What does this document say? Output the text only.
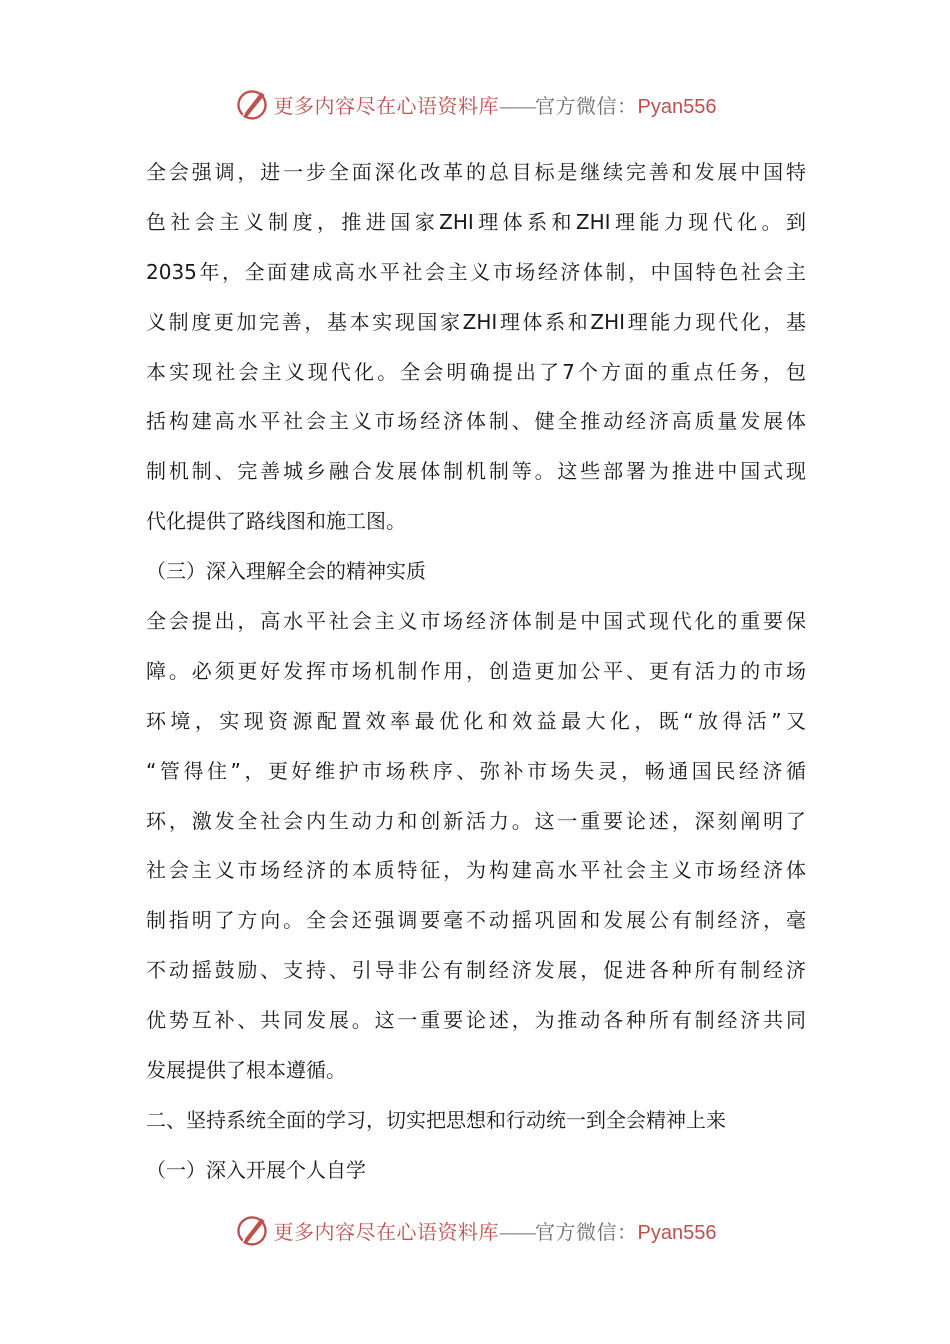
更多内容尽在心语资料库——官方微信：Pyan556
全会强调，进一步全面深化改革的总目标是继续完善和发展中国特
色社会主义制度，推进国家ZHI理体系和ZHI理能力现代化。到
2035年，全面建成高水平社会主义市场经济体制，中国特色社会主
义制度更加完善，基本实现国家ZHI理体系和ZHI理能力现代化，基
本实现社会主义现代化。全会明确提出了7个方面的重点任务，包
括构建高水平社会主义市场经济体制、健全推动经济高质量发展体
制机制、完善城乡融合发展体制机制等。这些部署为推进中国式现
代化提供了路线图和施工图。
（三）深入理解全会的精神实质
全会提出，高水平社会主义市场经济体制是中国式现代化的重要保
障。必须更好发挥市场机制作用，创造更加公平、更有活力的市场
环境，实现资源配置效率最优化和效益最大化，既“放得活”又
“管得住”，更好维护市场秩序、弥补市场失灵，畅通国民经济循
环，激发全社会内生动力和创新活力。这一重要论述，深刻阐明了
社会主义市场经济的本质特征，为构建高水平社会主义市场经济体
制指明了方向。全会还强调要毫不动摇巩固和发展公有制经济，毫
不动摇鼓励、支持、引导非公有制经济发展，促进各种所有制经济
优势互补、共同发展。这一重要论述，为推动各种所有制经济共同
发展提供了根本遵循。
二、坚持系统全面的学习，切实把思想和行动统一到全会精神上来
（一）深入开展个人自学
更多内容尽在心语资料库——官方微信：Pyan556
